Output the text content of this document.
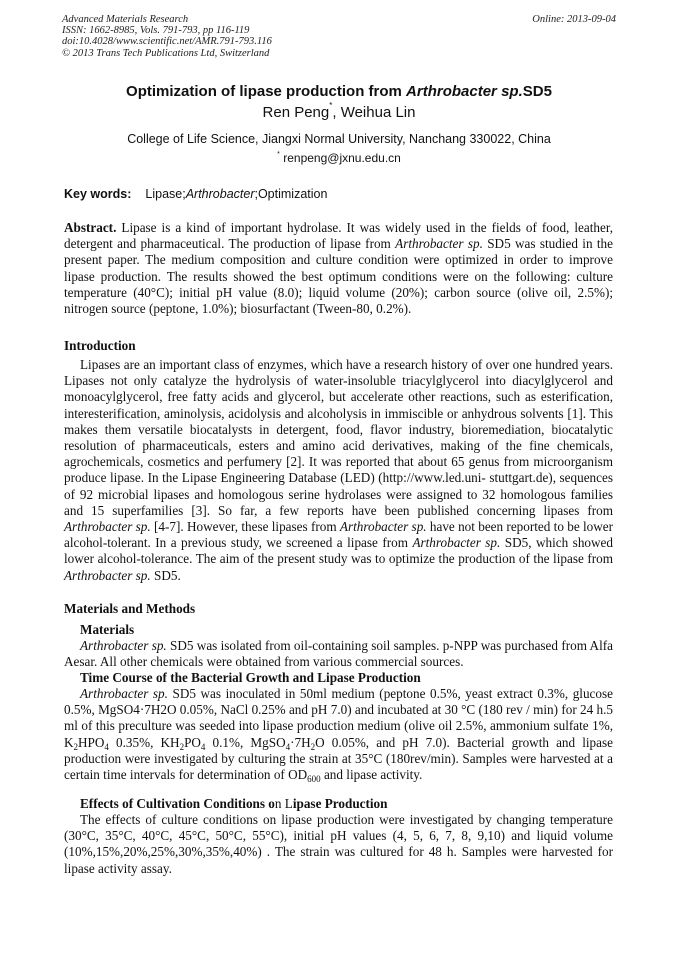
Advanced Materials Research
ISSN: 1662-8985, Vols. 791-793, pp 116-119
doi:10.4028/www.scientific.net/AMR.791-793.116
© 2013 Trans Tech Publications Ltd, Switzerland
Online: 2013-09-04
Optimization of lipase production from Arthrobacter sp.SD5
Ren Peng*, Weihua Lin
College of Life Science, Jiangxi Normal University, Nanchang 330022, China
* renpeng@jxnu.edu.cn
Key words: Lipase;Arthrobacter;Optimization

Abstract. Lipase is a kind of important hydrolase. It was widely used in the fields of food, leather, detergent and pharmaceutical. The production of lipase from Arthrobacter sp. SD5 was studied in the present paper. The medium composition and culture condition were optimized in order to improve lipase production. The results showed the best optimum conditions were on the following: culture temperature (40°C); initial pH value (8.0); liquid volume (20%); carbon source (olive oil, 2.5%); nitrogen source (peptone, 1.0%); biosurfactant (Tween-80, 0.2%).

Introduction

Lipases are an important class of enzymes, which have a research history of over one hundred years. Lipases not only catalyze the hydrolysis of water-insoluble triacylglycerol into diacylglycerol and monoacylglycerol, free fatty acids and glycerol, but accelerate other reactions, such as esterification, interesterification, aminolysis, acidolysis and alcoholysis in immiscible or anhydrous solvents [1]. This makes them versatile biocatalysts in detergent, food, flavor industry, bioremediation, biocatalytic resolution of pharmaceuticals, esters and amino acid derivatives, making of the fine chemicals, agrochemicals, cosmetics and perfumery [2]. It was reported that about 65 genus from microorganism produce lipase. In the Lipase Engineering Database (LED) (http://www.led.uni- stuttgart.de), sequences of 92 microbial lipases and homologous serine hydrolases were assigned to 32 homologous families and 15 superfamilies [3]. So far, a few reports have been published concerning lipases from Arthrobacter sp. [4-7]. However, these lipases from Arthrobacter sp. have not been reported to be lower alcohol-tolerant. In a previous study, we screened a lipase from Arthrobacter sp. SD5, which showed lower alcohol-tolerance. The aim of the present study was to optimize the production of the lipase from Arthrobacter sp. SD5.

Materials and Methods
Materials

Arthrobacter sp. SD5 was isolated from oil-containing soil samples. p-NPP was purchased from Alfa Aesar. All other chemicals were obtained from various commercial sources.

Time Course of the Bacterial Growth and Lipase Production

Arthrobacter sp. SD5 was inoculated in 50ml medium (peptone 0.5%, yeast extract 0.3%, glucose 0.5%, MgSO4·7H2O 0.05%, NaCl 0.25% and pH 7.0) and incubated at 30 °C (180 rev / min) for 24 h.5 ml of this preculture was seeded into lipase production medium (olive oil 2.5%, ammonium sulfate 1%, $K_2HPO_4$ 0.35%, $KH_2PO_4$ 0.1%, $MgSO_4\cdot 7H_2O$ 0.05%, and pH 7.0). Bacterial growth and lipase production were investigated by culturing the strain at 35°C (180rev/min). Samples were harvested at a certain time intervals for determination of $OD_{600}$ and lipase activity.

Effects of Cultivation Conditions on Lipase Production

The effects of culture conditions on lipase production were investigated by changing temperature (30°C, 35°C, 40°C, 45°C, 50°C, 55°C), initial pH values (4, 5, 6, 7, 8, 9,10) and liquid volume (10%,15%,20%,25%,30%,35%,40%) . The strain was cultured for 48 h. Samples were harvested for lipase activity assay.
